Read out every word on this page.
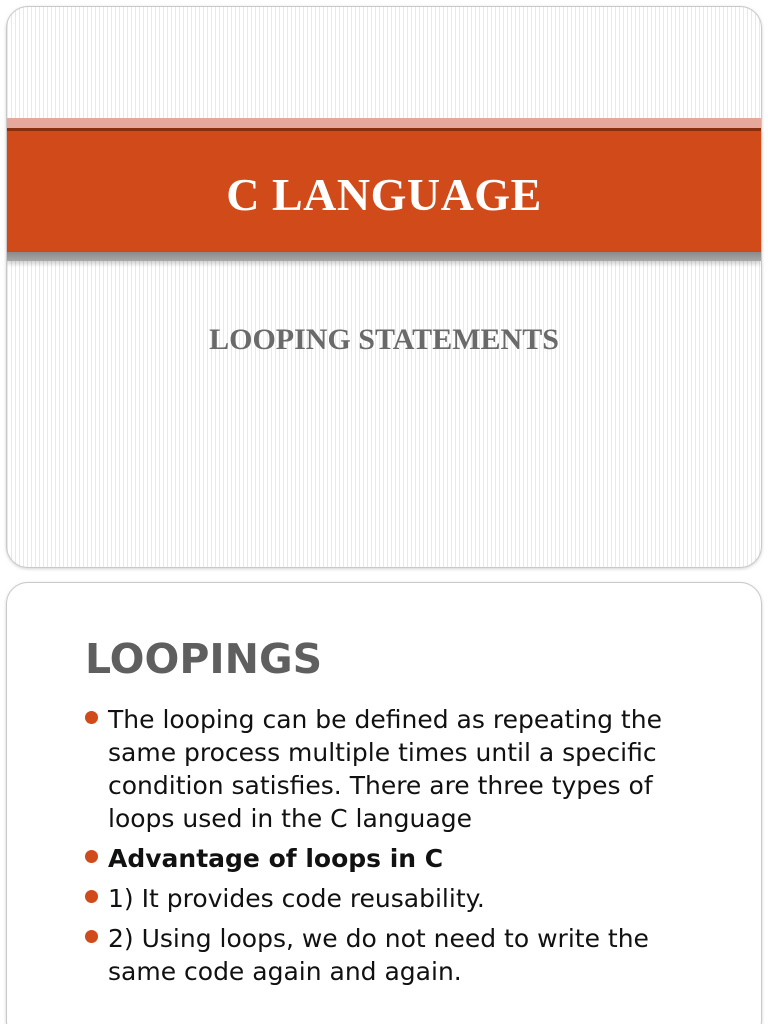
C LANGUAGE
LOOPING STATEMENTS
LOOPINGS
The looping can be defined as repeating the same process multiple times until a specific condition satisfies. There are three types of loops used in the C language
Advantage of loops in C
1) It provides code reusability.
2) Using loops, we do not need to write the same code again and again.
